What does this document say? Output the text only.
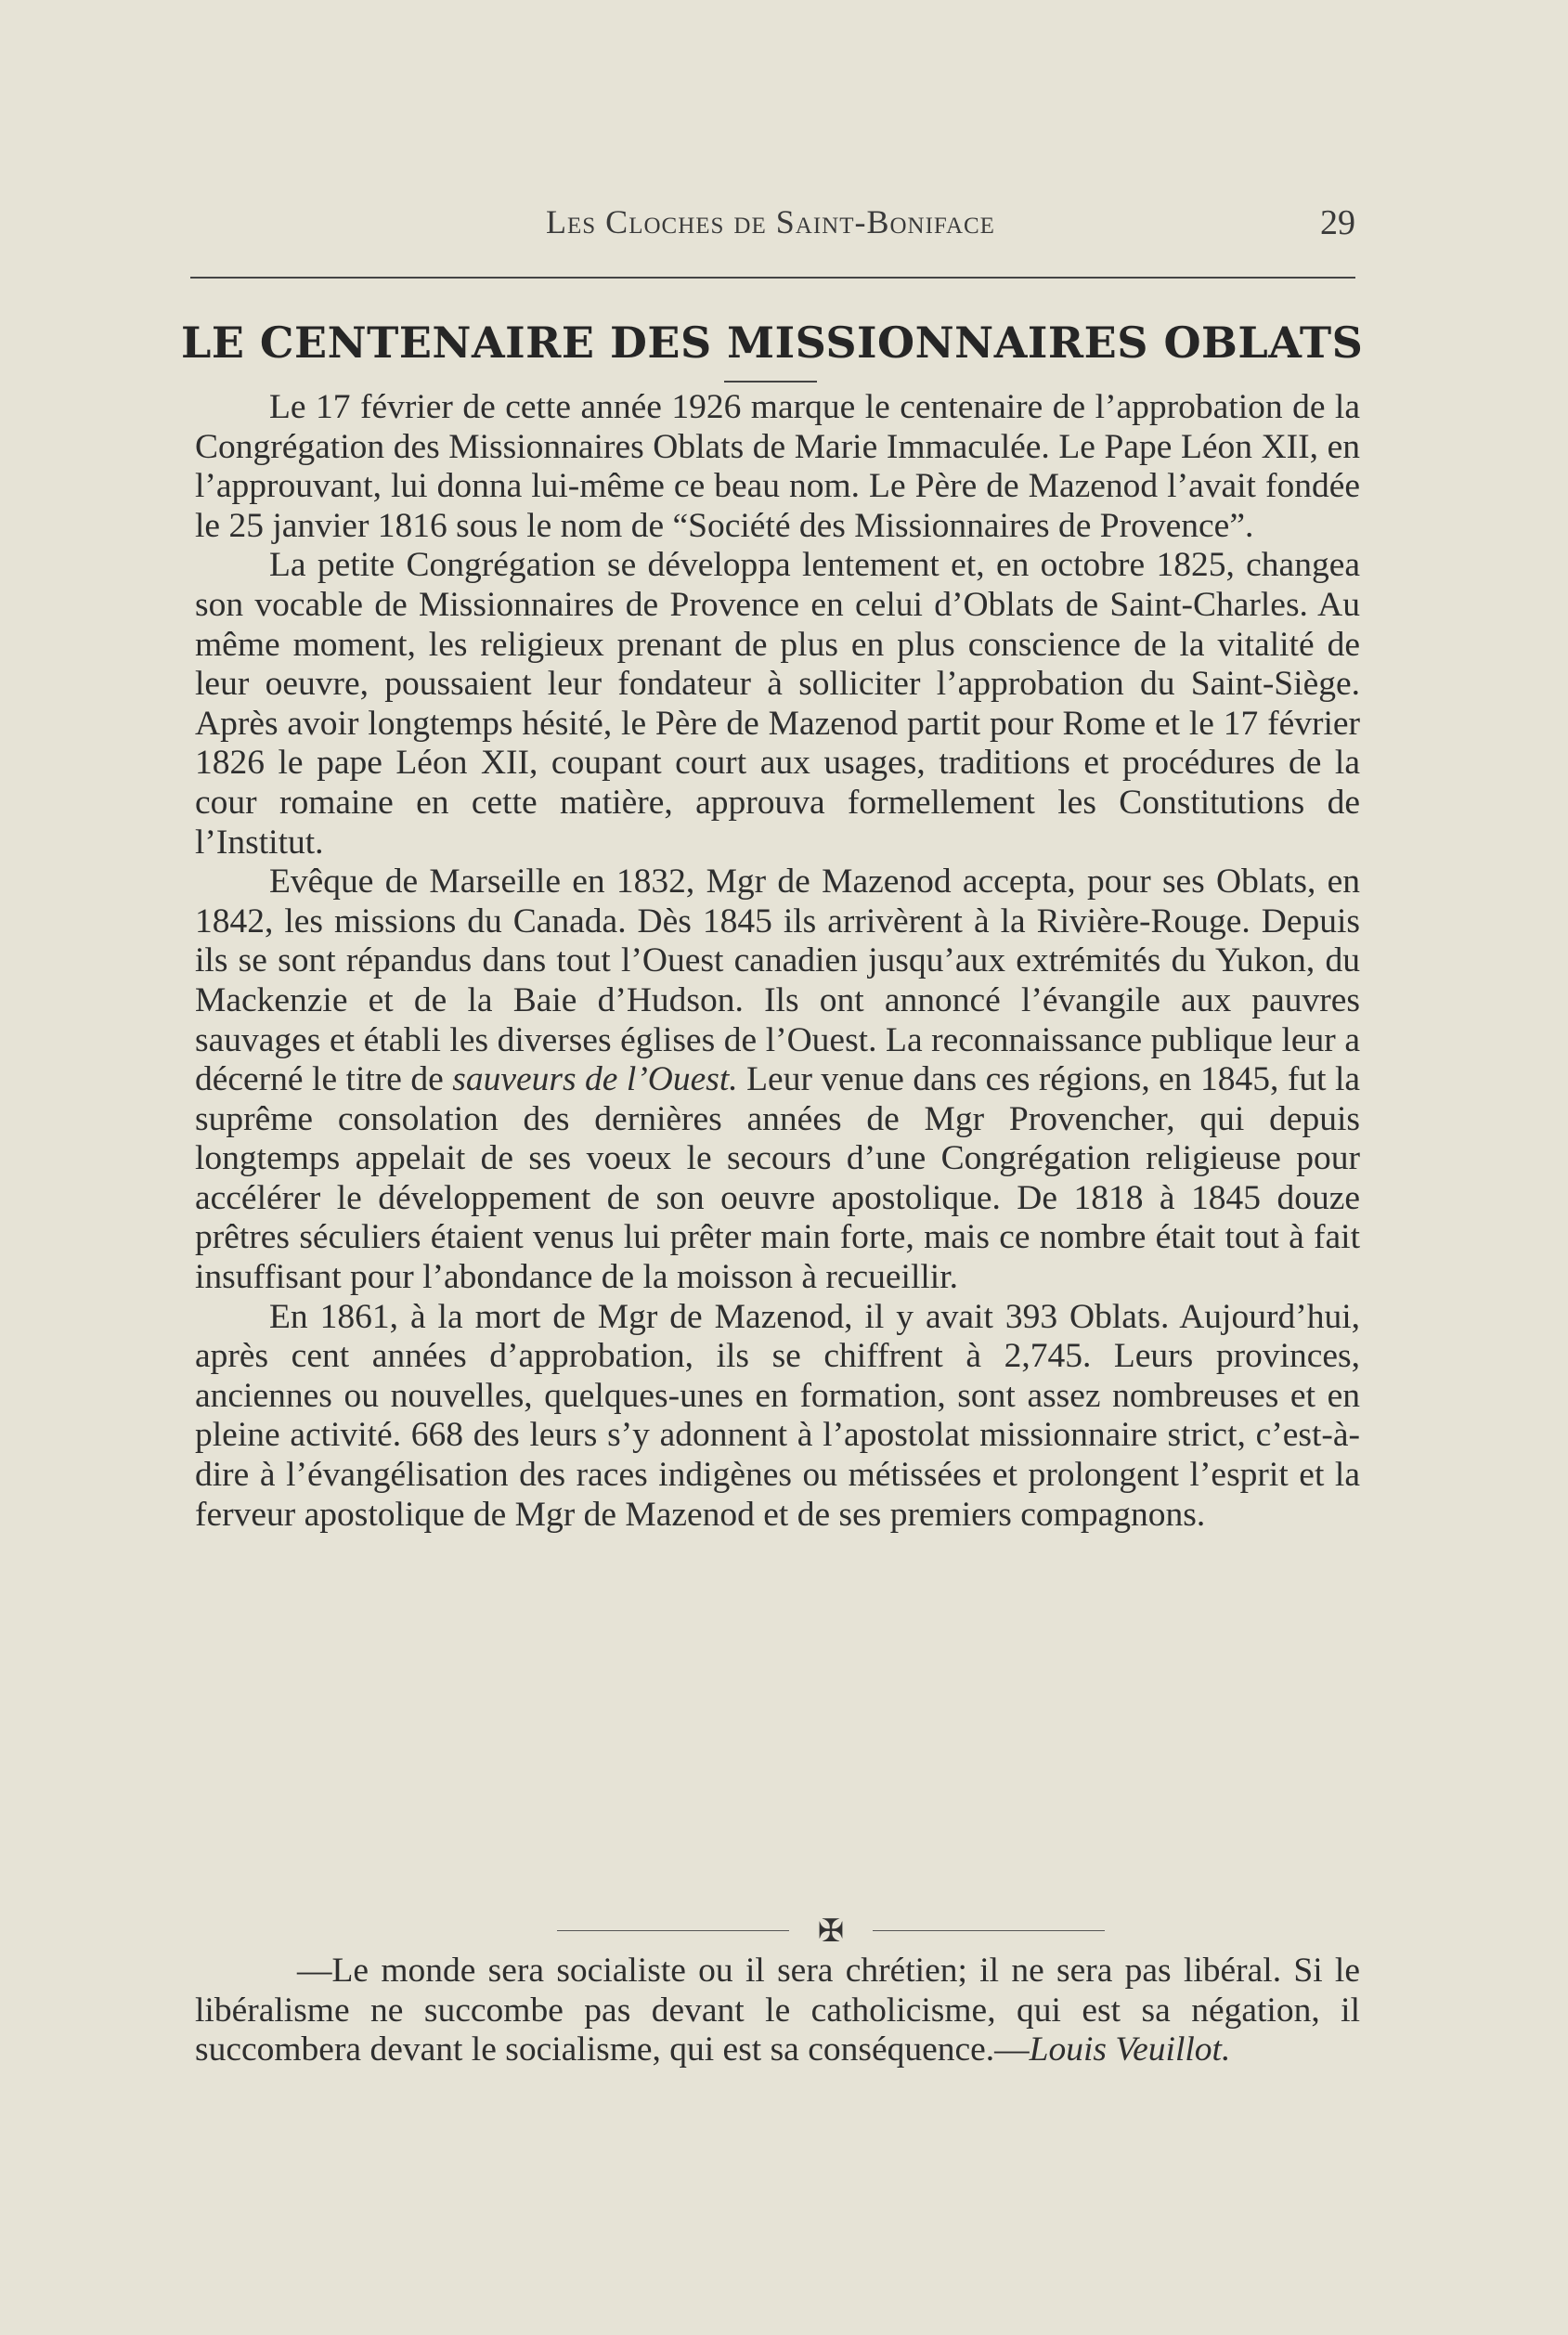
Les Cloches de Saint-Boniface	29
LE CENTENAIRE DES MISSIONNAIRES OBLATS

Le 17 février de cette année 1926 marque le centenaire de l’approbation de la Congrégation des Missionnaires Oblats de Marie Immaculée. Le Pape Léon XII, en l’approuvant, lui donna lui-même ce beau nom. Le Père de Mazenod l’avait fondée le 25 janvier 1816 sous le nom de “Société des Missionnaires de Provence”.

La petite Congrégation se développa lentement et, en octobre 1825, changea son vocable de Missionnaires de Provence en celui d’Oblats de Saint-Charles. Au même moment, les religieux prenant de plus en plus conscience de la vitalité de leur oeuvre, poussaient leur fondateur à solliciter l’approbation du Saint-Siège. Après avoir longtemps hésité, le Père de Mazenod partit pour Rome et le 17 février 1826 le pape Léon XII, coupant court aux usages, traditions et procédures de la cour romaine en cette matière, approuva formellement les Constitutions de l’Institut.

Evêque de Marseille en 1832, Mgr de Mazenod accepta, pour ses Oblats, en 1842, les missions du Canada. Dès 1845 ils arrivèrent à la Rivière-Rouge. Depuis ils se sont répandus dans tout l’Ouest canadien jusqu’aux extrémités du Yukon, du Mackenzie et de la Baie d’Hudson. Ils ont annoncé l’évangile aux pauvres sauvages et établi les diverses églises de l’Ouest. La reconnaissance publique leur a décerné le titre de sauveurs de l’Ouest. Leur venue dans ces régions, en 1845, fut la suprême consolation des dernières années de Mgr Provencher, qui depuis longtemps appelait de ses voeux le secours d’une Congrégation religieuse pour accélérer le développement de son oeuvre apostolique. De 1818 à 1845 douze prêtres séculiers étaient venus lui prêter main forte, mais ce nombre était tout à fait insuffisant pour l’abondance de la moisson à recueillir.

En 1861, à la mort de Mgr de Mazenod, il y avait 393 Oblats. Aujourd’hui, après cent années d’approbation, ils se chiffrent à 2,745. Leurs provinces, anciennes ou nouvelles, quelques-unes en formation, sont assez nombreuses et en pleine activité. 668 des leurs s’y adonnent à l’apostolat missionnaire strict, c’est-à-dire à l’évangélisation des races indigènes ou métissées et prolongent l’esprit et la ferveur apostolique de Mgr de Mazenod et de ses premiers compagnons.

✠

—Le monde sera socialiste ou il sera chrétien; il ne sera pas libéral. Si le libéralisme ne succombe pas devant le catholicisme, qui est sa négation, il succombera devant le socialisme, qui est sa conséquence.—Louis Veuillot.
